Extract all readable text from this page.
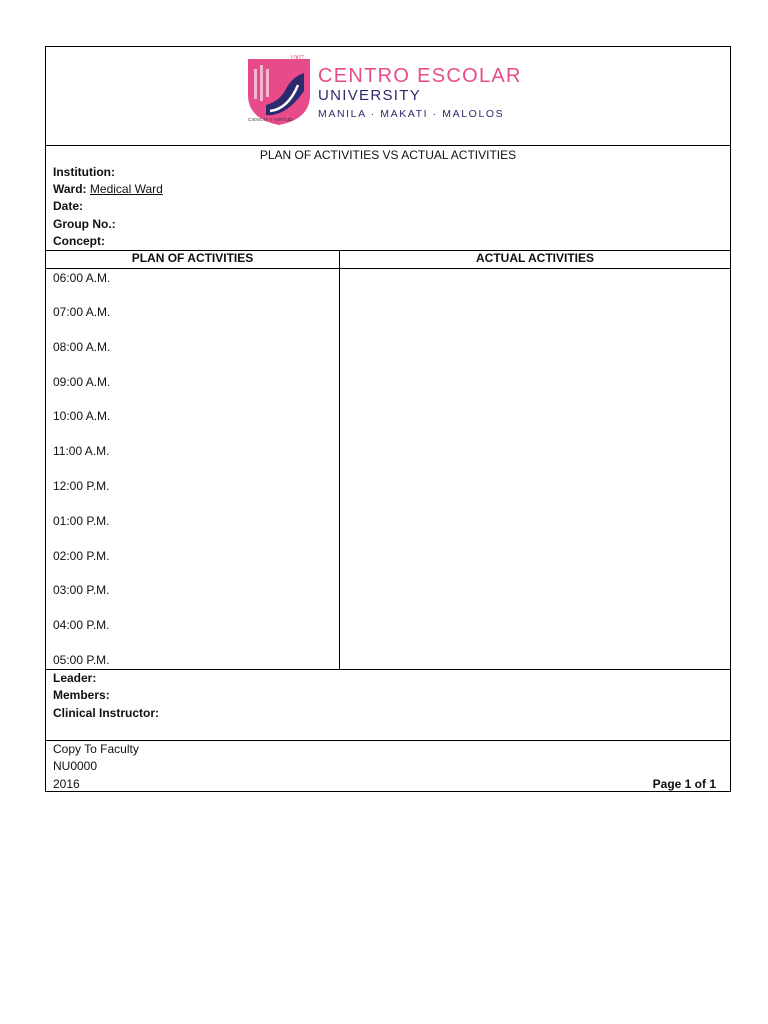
1907
CIENCIA Y VIRTUD
CENTRO ESCOLAR
UNIVERSITY
MANILA · MAKATI · MALOLOS
PLAN OF ACTIVITIES VS ACTUAL ACTIVITIES
Institution:
Ward: Medical Ward
Date:
Group No.:
Concept:
PLAN OF ACTIVITIES	ACTUAL ACTIVITIES
06:00 A.M.
07:00 A.M.
08:00 A.M.
09:00 A.M.
10:00 A.M.
11:00 A.M.
12:00 P.M.
01:00 P.M.
02:00 P.M.
03:00 P.M.
04:00 P.M.
05:00 P.M.
Leader:
Members:
Clinical Instructor:
Copy To Faculty
NU0000
2016	Page 1 of 1
